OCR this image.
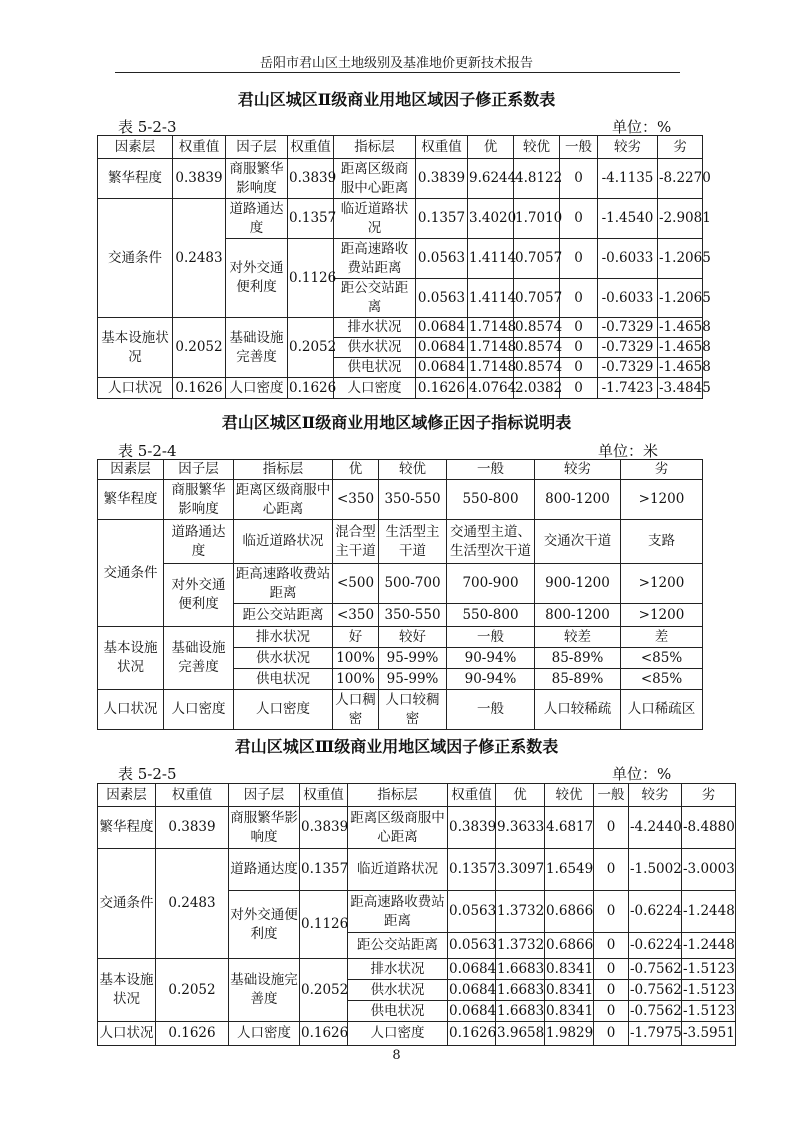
岳阳市君山区土地级别及基准地价更新技术报告
君山区城区Ⅱ级商业用地区域因子修正系数表
表 5-2-3	单位：%
因素层	权重值	因子层	权重值	指标层	权重值	优	较优	一般	较劣	劣
繁华程度	0.3839	商服繁华影响度	0.3839	距离区级商服中心距离	0.3839	9.6244	4.8122	0	-4.1135	-8.2270
交通条件	0.2483	道路通达度	0.1357	临近道路状况	0.1357	3.4020	1.7010	0	-1.4540	-2.9081
		对外交通便利度	0.1126	距高速路收费站距离	0.0563	1.4114	0.7057	0	-0.6033	-1.2065
				距公交站距离	0.0563	1.4114	0.7057	0	-0.6033	-1.2065
基本设施状况	0.2052	基础设施完善度	0.2052	排水状况	0.0684	1.7148	0.8574	0	-0.7329	-1.4658
				供水状况	0.0684	1.7148	0.8574	0	-0.7329	-1.4658
				供电状况	0.0684	1.7148	0.8574	0	-0.7329	-1.4658
人口状况	0.1626	人口密度	0.1626	人口密度	0.1626	4.0764	2.0382	0	-1.7423	-3.4845
君山区城区Ⅱ级商业用地区域修正因子指标说明表
表 5-2-4	单位：米
因素层	因子层	指标层	优	较优	一般	较劣	劣
繁华程度	商服繁华影响度	距离区级商服中心距离	<350	350-550	550-800	800-1200	>1200
交通条件	道路通达度	临近道路状况	混合型主干道	生活型主干道	交通型主道、生活型次干道	交通次干道	支路
	对外交通便利度	距高速路收费站距离	<500	500-700	700-900	900-1200	>1200
		距公交站距离	<350	350-550	550-800	800-1200	>1200
基本设施状况	基础设施完善度	排水状况	好	较好	一般	较差	差
		供水状况	100%	95-99%	90-94%	85-89%	<85%
		供电状况	100%	95-99%	90-94%	85-89%	<85%
人口状况	人口密度	人口密度	人口稠密	人口较稠密	一般	人口较稀疏	人口稀疏区
君山区城区Ⅲ级商业用地区域因子修正系数表
表 5-2-5	单位：%
因素层	权重值	因子层	权重值	指标层	权重值	优	较优	一般	较劣	劣
繁华程度	0.3839	商服繁华影响度	0.3839	距离区级商服中心距离	0.3839	9.3633	4.6817	0	-4.2440	-8.4880
交通条件	0.2483	道路通达度	0.1357	临近道路状况	0.1357	3.3097	1.6549	0	-1.5002	-3.0003
		对外交通便利度	0.1126	距高速路收费站距离	0.0563	1.3732	0.6866	0	-0.6224	-1.2448
				距公交站距离	0.0563	1.3732	0.6866	0	-0.6224	-1.2448
基本设施状况	0.2052	基础设施完善度	0.2052	排水状况	0.0684	1.6683	0.8341	0	-0.7562	-1.5123
				供水状况	0.0684	1.6683	0.8341	0	-0.7562	-1.5123
				供电状况	0.0684	1.6683	0.8341	0	-0.7562	-1.5123
人口状况	0.1626	人口密度	0.1626	人口密度	0.1626	3.9658	1.9829	0	-1.7975	-3.5951
8
